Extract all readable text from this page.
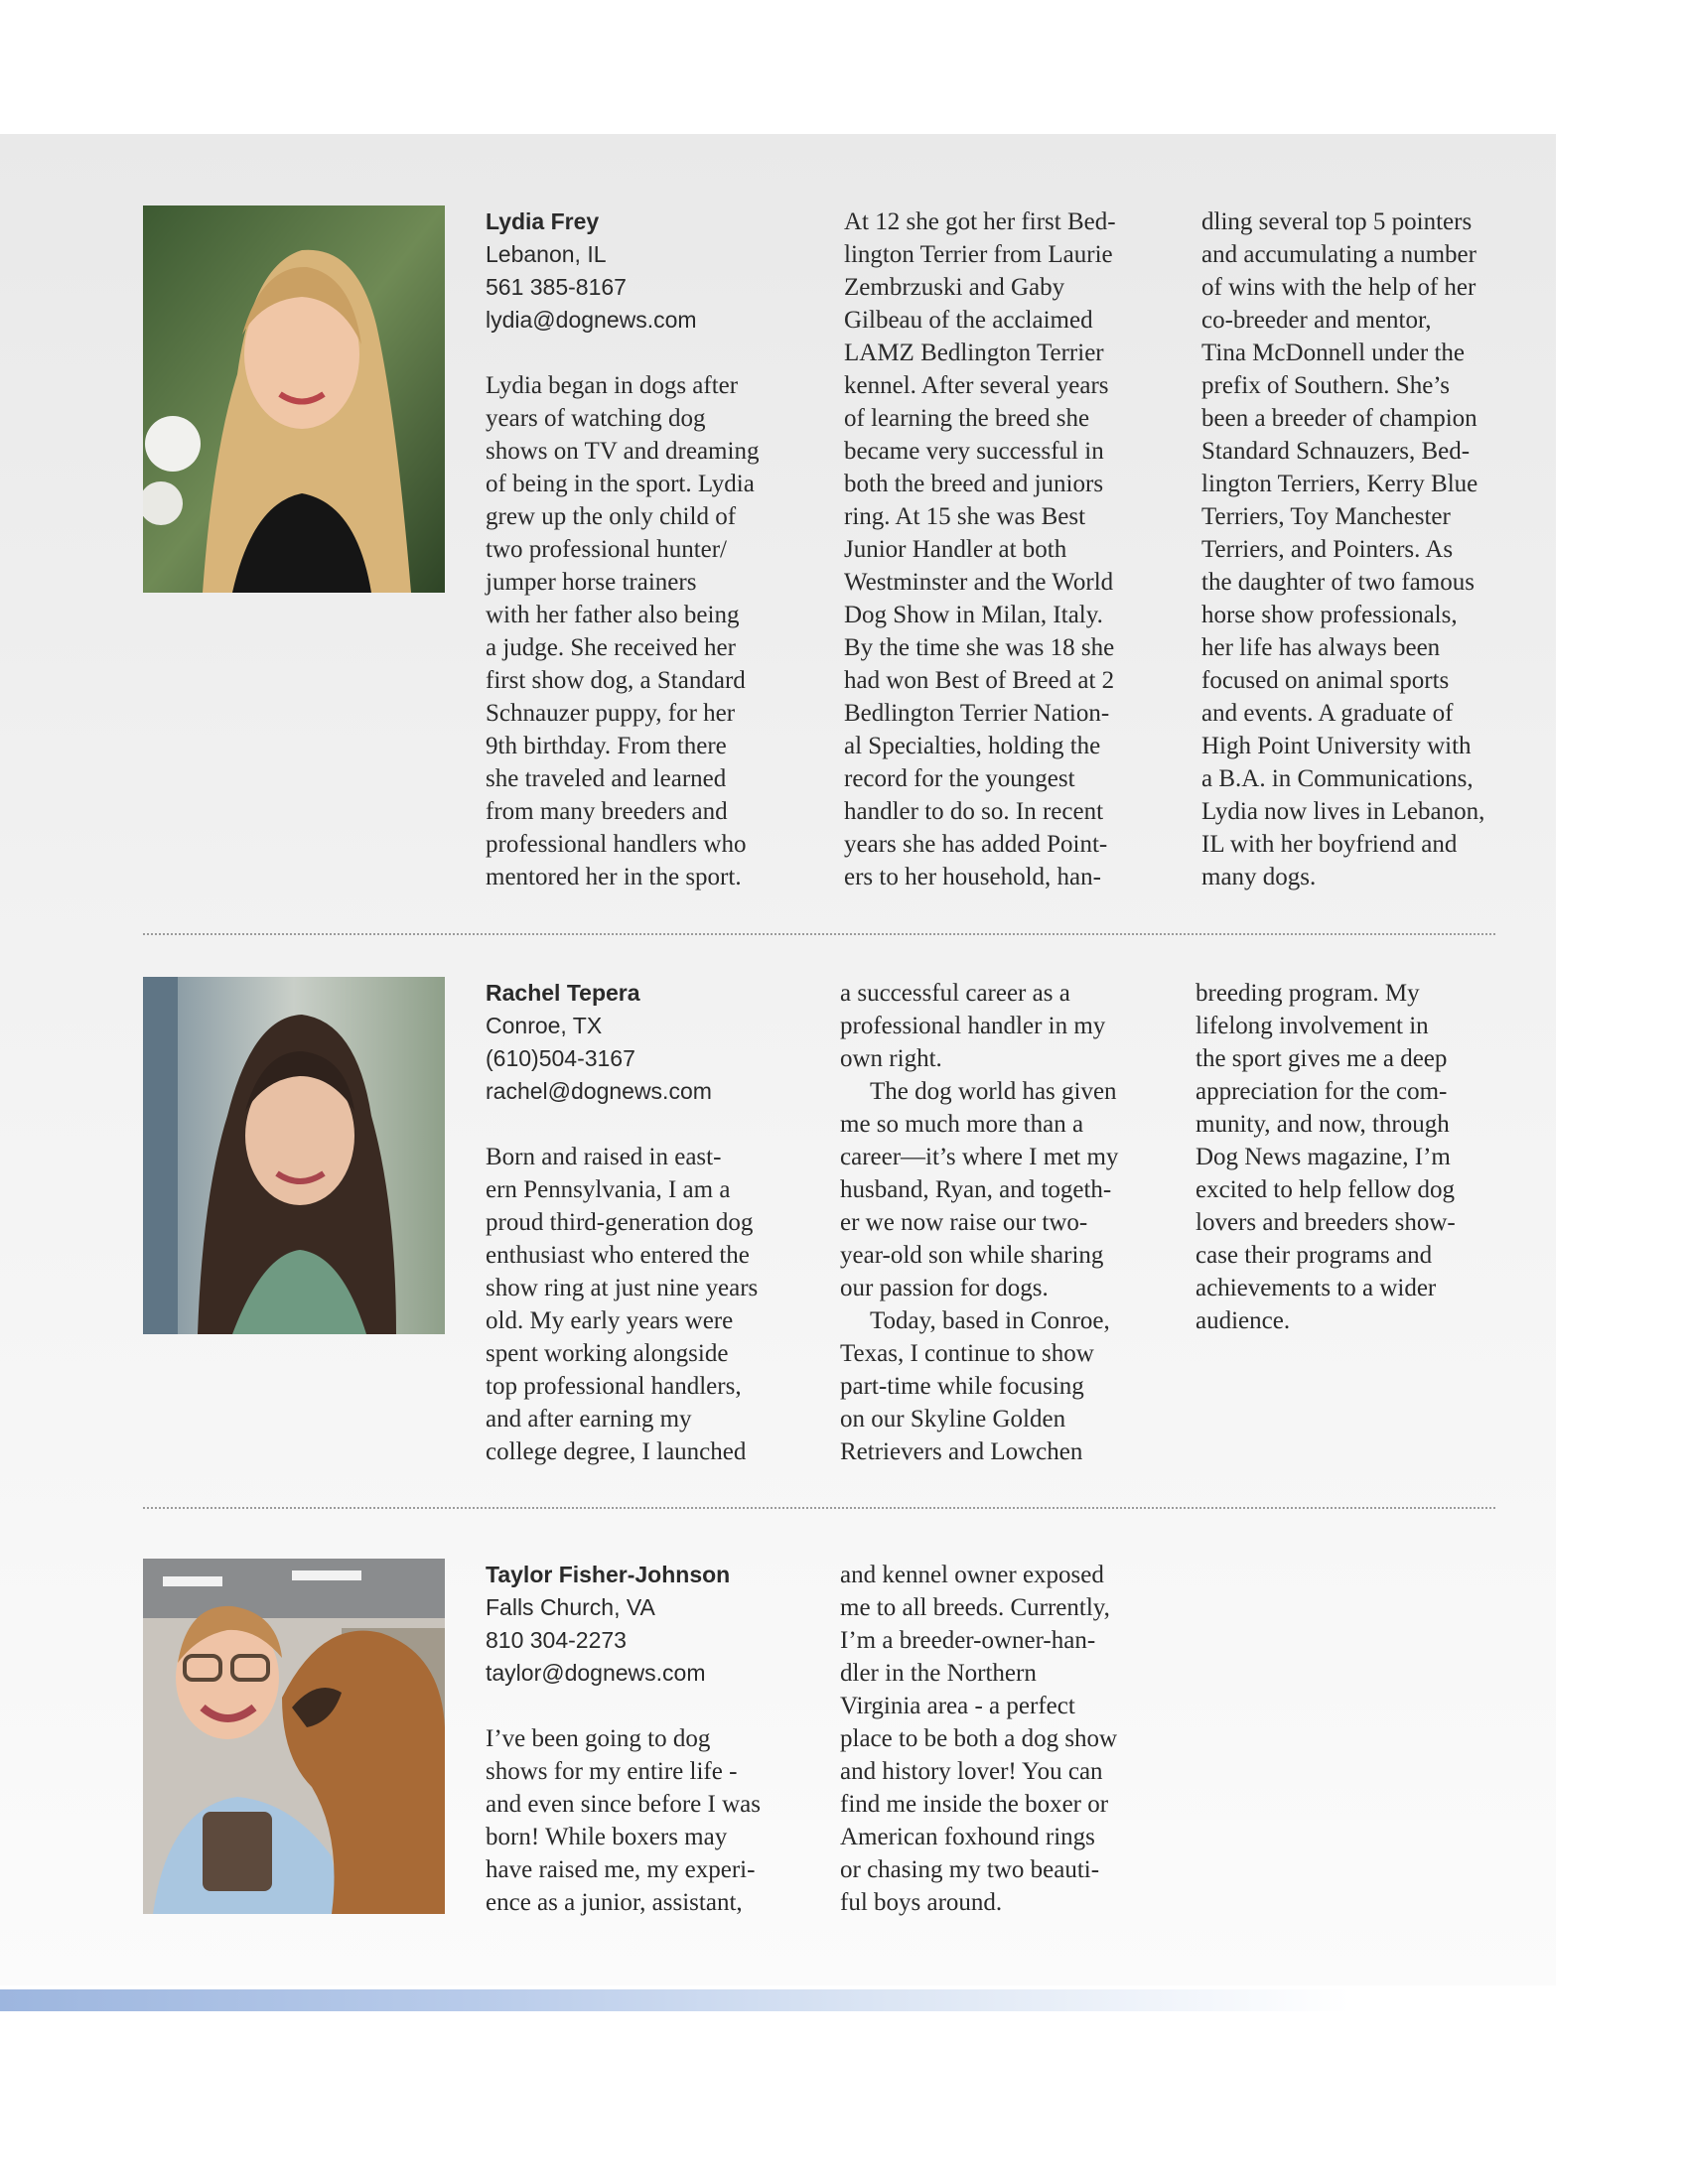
Lydia Frey
Lebanon, IL
561 385-8167
lydia@dognews.com
Lydia began in dogs after
years of watching dog
shows on TV and dreaming
of being in the sport. Lydia
grew up the only child of
two professional hunter/
jumper horse trainers
with her father also being
a judge. She received her
first show dog, a Standard
Schnauzer puppy, for her
9th birthday. From there
she traveled and learned
from many breeders and
professional handlers who
mentored her in the sport.
At 12 she got her first Bed-
lington Terrier from Laurie
Zembrzuski and Gaby
Gilbeau of the acclaimed
LAMZ Bedlington Terrier
kennel. After several years
of learning the breed she
became very successful in
both the breed and juniors
ring. At 15 she was Best
Junior Handler at both
Westminster and the World
Dog Show in Milan, Italy.
By the time she was 18 she
had won Best of Breed at 2
Bedlington Terrier Nation-
al Specialties, holding the
record for the youngest
handler to do so. In recent
years she has added Point-
ers to her household, han-
dling several top 5 pointers
and accumulating a number
of wins with the help of her
co-breeder and mentor,
Tina McDonnell under the
prefix of Southern. She’s
been a breeder of champion
Standard Schnauzers, Bed-
lington Terriers, Kerry Blue
Terriers, Toy Manchester
Terriers, and Pointers. As
the daughter of two famous
horse show professionals,
her life has always been
focused on animal sports
and events. A graduate of
High Point University with
a B.A. in Communications,
Lydia now lives in Lebanon,
IL with her boyfriend and
many dogs.
Rachel Tepera
Conroe, TX
(610)504-3167
rachel@dognews.com
Born and raised in east-
ern Pennsylvania, I am a
proud third-generation dog
enthusiast who entered the
show ring at just nine years
old. My early years were
spent working alongside
top professional handlers,
and after earning my
college degree, I launched
a successful career as a
professional handler in my
own right.
The dog world has given
me so much more than a
career—it’s where I met my
husband, Ryan, and togeth-
er we now raise our two-
year-old son while sharing
our passion for dogs.
Today, based in Conroe,
Texas, I continue to show
part-time while focusing
on our Skyline Golden
Retrievers and Lowchen
breeding program. My
lifelong involvement in
the sport gives me a deep
appreciation for the com-
munity, and now, through
Dog News magazine, I’m
excited to help fellow dog
lovers and breeders show-
case their programs and
achievements to a wider
audience.
Taylor Fisher-Johnson
Falls Church, VA
810 304-2273
taylor@dognews.com
I’ve been going to dog
shows for my entire life -
and even since before I was
born! While boxers may
have raised me, my experi-
ence as a junior, assistant,
and kennel owner exposed
me to all breeds. Currently,
I’m a breeder-owner-han-
dler in the Northern
Virginia area - a perfect
place to be both a dog show
and history lover! You can
find me inside the boxer or
American foxhound rings
or chasing my two beauti-
ful boys around.
